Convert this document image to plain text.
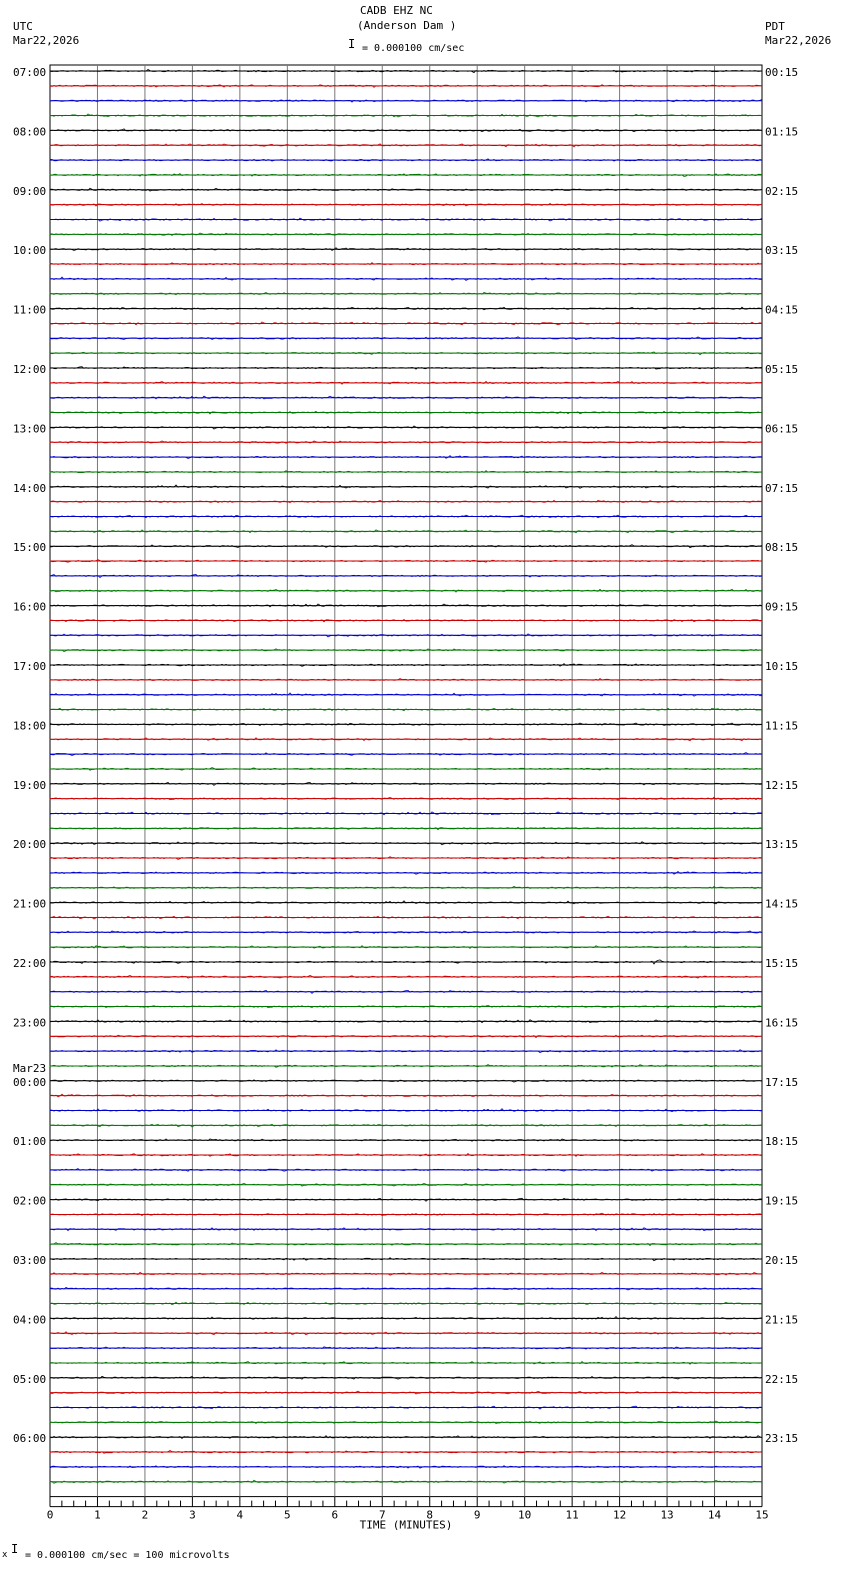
07:00	00:15
08:00	01:15
09:00	02:15
10:00	03:15
11:00	04:15
12:00	05:15
13:00	06:15
14:00	07:15
15:00	08:15
16:00	09:15
17:00	10:15
18:00	11:15
19:00	12:15
20:00	13:15
21:00	14:15
22:00	15:15
23:00	16:15
00:00	17:15
Mar23
01:00	18:15
02:00	19:15
03:00	20:15
04:00	21:15
05:00	22:15
06:00	23:15
0	1	2	3	4	5	6	7	8	9	10	11	12	13	14	15
TIME (MINUTES)
CADB EHZ NC
(Anderson Dam )
UTC
Mar22,2026
PDT
Mar22,2026
I = 0.000100 cm/sec
x I = 0.000100 cm/sec = 100 microvolts
